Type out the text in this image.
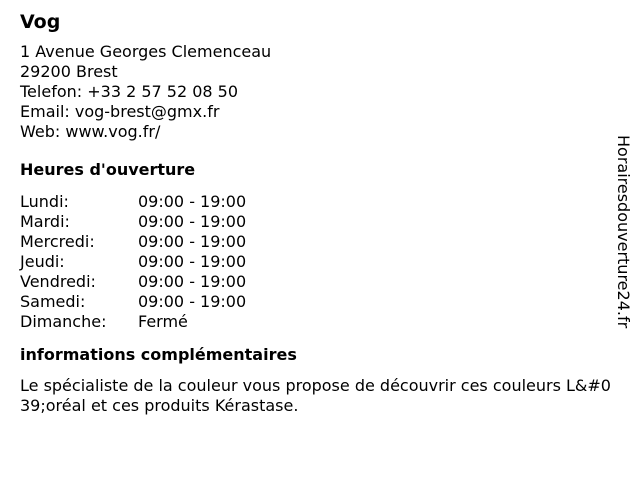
Vog
1 Avenue Georges Clemenceau
29200 Brest
Telefon: +33 2 57 52 08 50
Email: vog-brest@gmx.fr
Web: www.vog.fr/
Heures d'ouverture
Lundi:	09:00 - 19:00
Mardi:	09:00 - 19:00
Mercredi:	09:00 - 19:00
Jeudi:	09:00 - 19:00
Vendredi:	09:00 - 19:00
Samedi:	09:00 - 19:00
Dimanche:	Fermé
informations complémentaires
Le spécialiste de la couleur vous propose de découvrir ces couleurs L&#039;oréal et ces produits Kérastase.
Horairesdouverture24.fr
